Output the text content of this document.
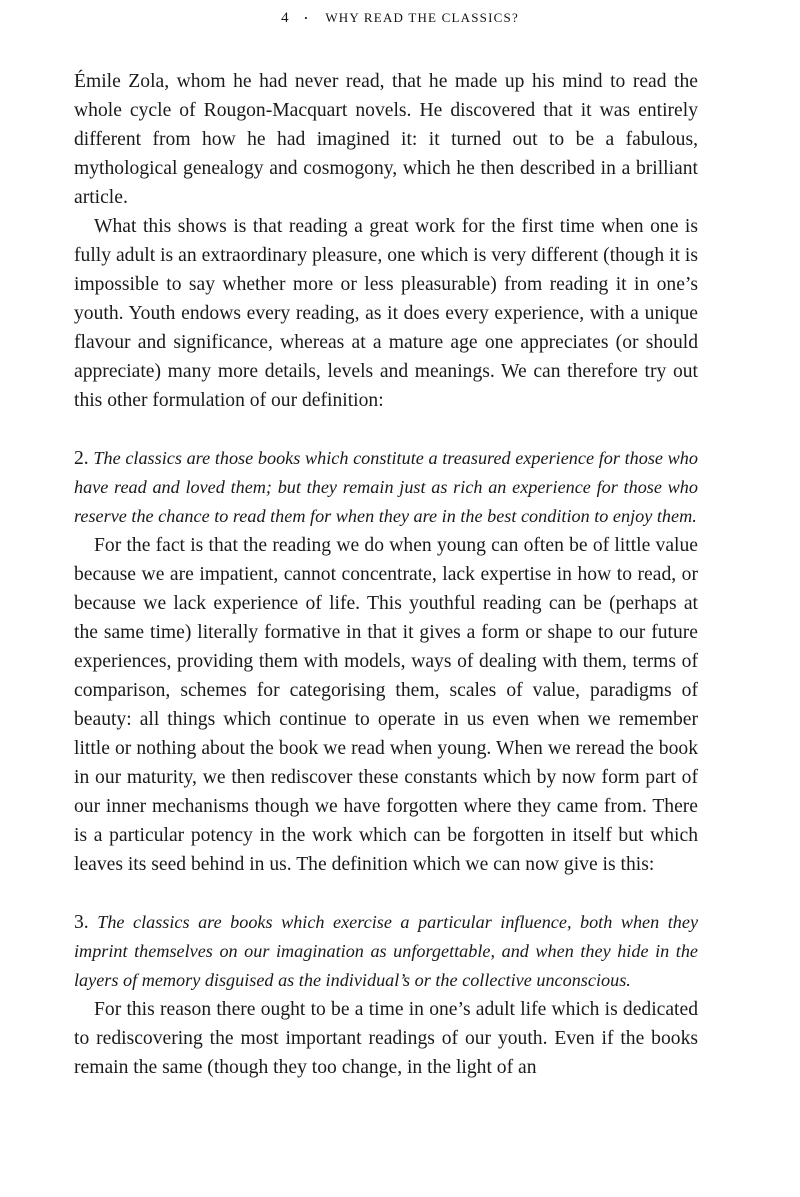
4 · WHY READ THE CLASSICS?

Émile Zola, whom he had never read, that he made up his mind to read the whole cycle of Rougon-Macquart novels. He discovered that it was entirely different from how he had imagined it: it turned out to be a fabulous, mythological genealogy and cosmogony, which he then described in a brilliant article.

What this shows is that reading a great work for the first time when one is fully adult is an extraordinary pleasure, one which is very different (though it is impossible to say whether more or less pleasurable) from reading it in one’s youth. Youth endows every reading, as it does every experience, with a unique flavour and significance, whereas at a mature age one appreciates (or should appreciate) many more details, levels and meanings. We can therefore try out this other formulation of our definition:

2. The classics are those books which constitute a treasured experience for those who have read and loved them; but they remain just as rich an experience for those who reserve the chance to read them for when they are in the best condition to enjoy them.

For the fact is that the reading we do when young can often be of little value because we are impatient, cannot concentrate, lack expertise in how to read, or because we lack experience of life. This youthful reading can be (perhaps at the same time) literally formative in that it gives a form or shape to our future experiences, providing them with models, ways of dealing with them, terms of comparison, schemes for categorising them, scales of value, paradigms of beauty: all things which continue to operate in us even when we remember little or nothing about the book we read when young. When we reread the book in our maturity, we then rediscover these constants which by now form part of our inner mechanisms though we have forgotten where they came from. There is a particular potency in the work which can be forgotten in itself but which leaves its seed behind in us. The definition which we can now give is this:

3. The classics are books which exercise a particular influence, both when they imprint themselves on our imagination as unforgettable, and when they hide in the layers of memory disguised as the individual’s or the collective unconscious.

For this reason there ought to be a time in one’s adult life which is dedicated to rediscovering the most important readings of our youth. Even if the books remain the same (though they too change, in the light of an
